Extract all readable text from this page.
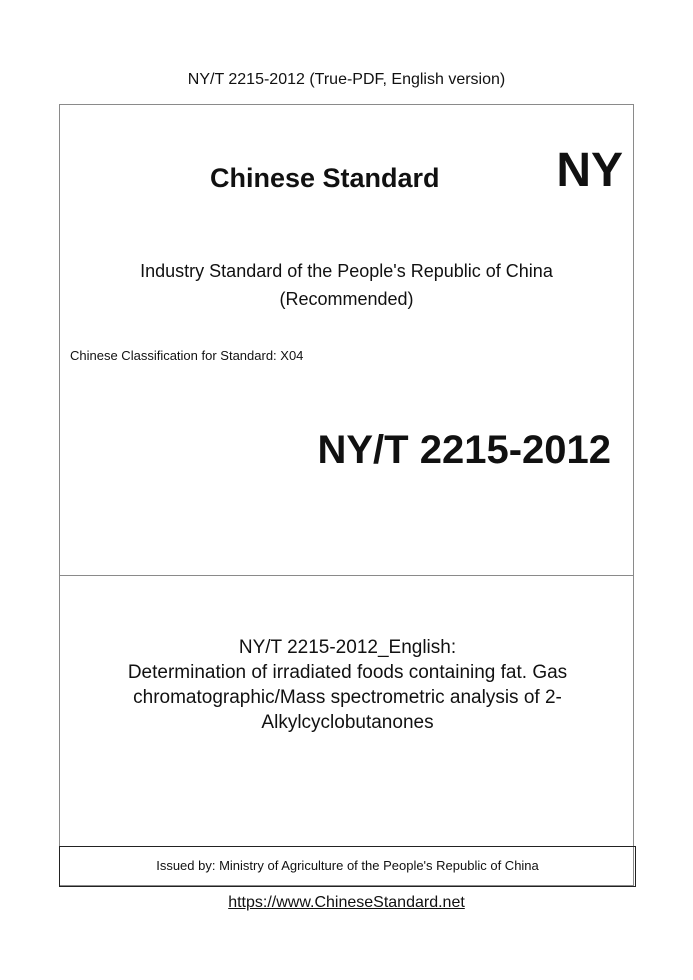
NY/T 2215-2012 (True-PDF, English version)
Chinese Standard NY
Industry Standard of the People's Republic of China
(Recommended)
Chinese Classification for Standard: X04
NY/T 2215-2012
NY/T 2215-2012_English:
Determination of irradiated foods containing fat. Gas
chromatographic/Mass spectrometric analysis of 2-
Alkylcyclobutanones
Issued by: Ministry of Agriculture of the People's Republic of China
https://www.ChineseStandard.net
